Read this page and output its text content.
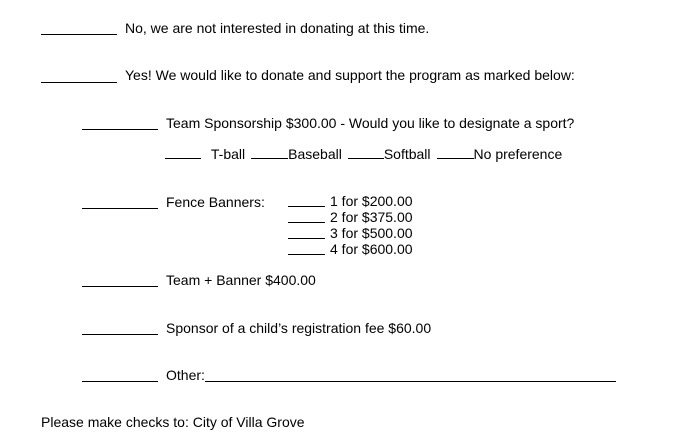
No, we are not interested in donating at this time.
Yes! We would like to donate and support the program as marked below:
Team Sponsorship $300.00 - Would you like to designate a sport?
T-ball	Baseball	Softball	No preference
Fence Banners:	1 for $200.00
2 for $375.00
3 for $500.00
4 for $600.00
Team + Banner $400.00
Sponsor of a child’s registration fee $60.00
Other:
Please make checks to: City of Villa Grove
